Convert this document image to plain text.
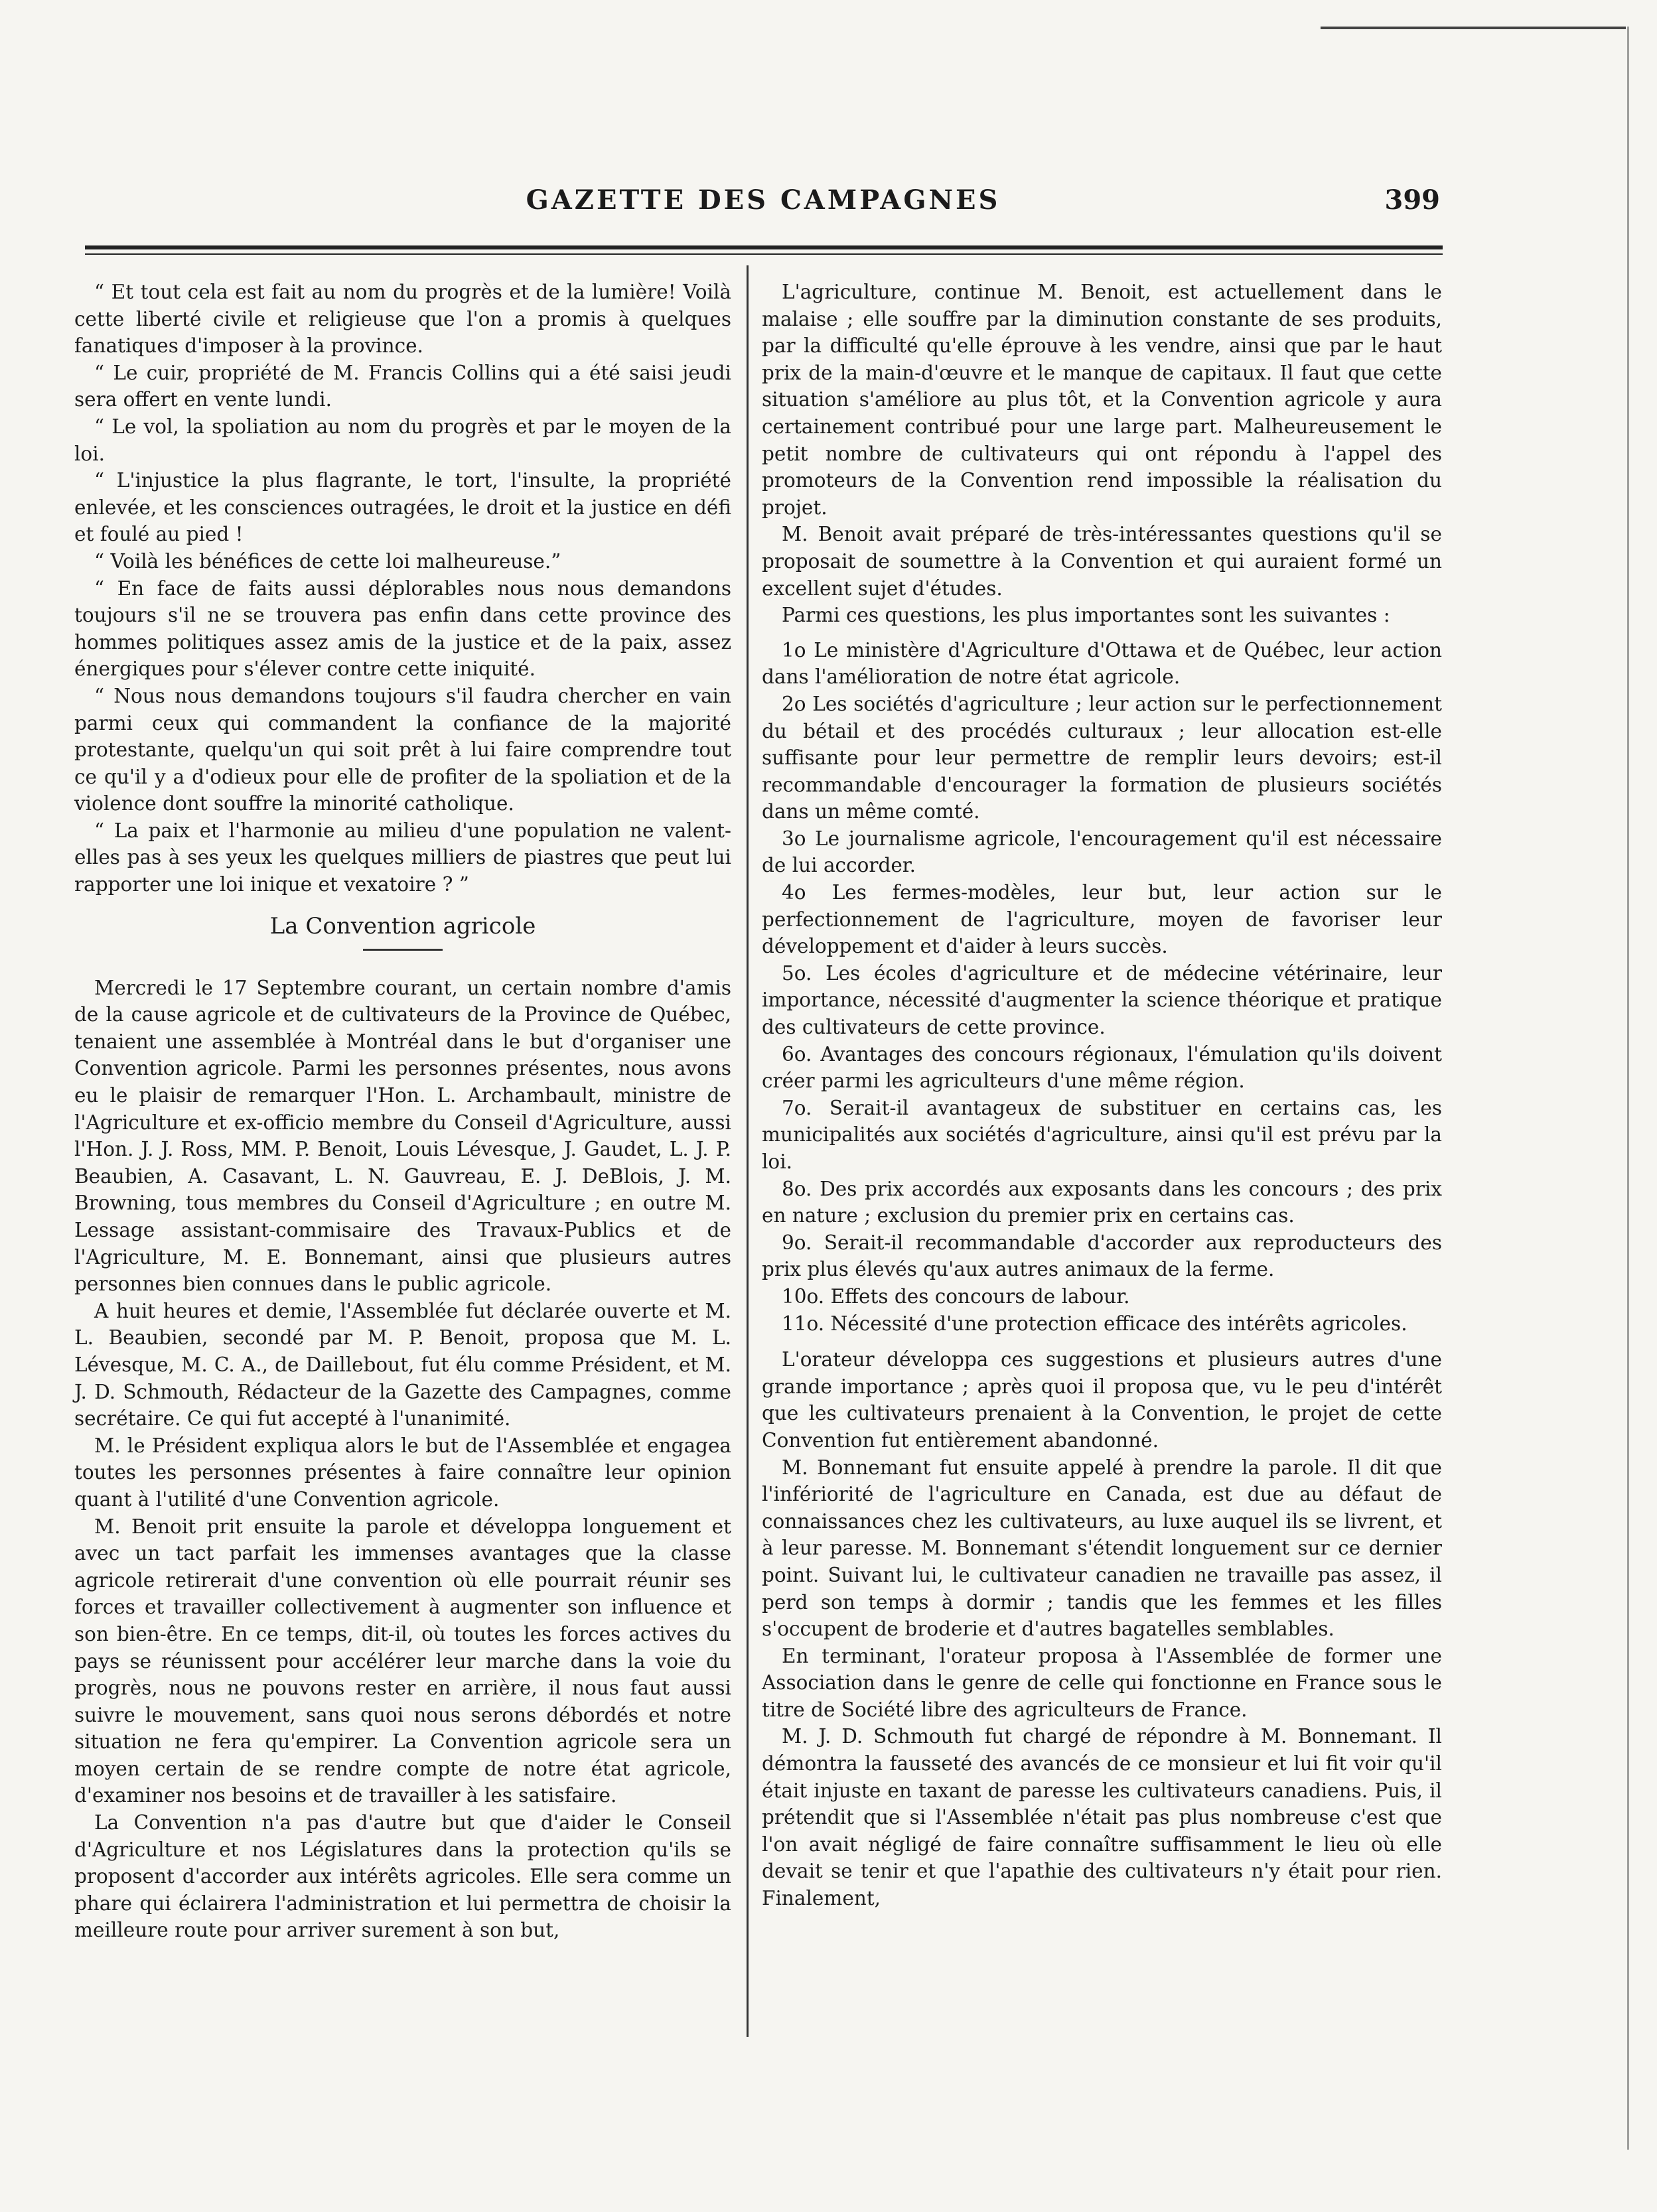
GAZETTE DES CAMPAGNES	399

“ Et tout cela est fait au nom du progrès et de la lumière! Voilà cette liberté civile et religieuse que l'on a promis à quelques fanatiques d'imposer à la province.

“ Le cuir, propriété de M. Francis Collins qui a été saisi jeudi sera offert en vente lundi.

“ Le vol, la spoliation au nom du progrès et par le moyen de la loi.

“ L'injustice la plus flagrante, le tort, l'insulte, la propriété enlevée, et les consciences outragées, le droit et la justice en défi et foulé au pied !

“ Voilà les bénéfices de cette loi malheureuse.”

“ En face de faits aussi déplorables nous nous demandons toujours s'il ne se trouvera pas enfin dans cette province des hommes politiques assez amis de la justice et de la paix, assez énergiques pour s'élever contre cette iniquité.

“ Nous nous demandons toujours s'il faudra chercher en vain parmi ceux qui commandent la confiance de la majorité protestante, quelqu'un qui soit prêt à lui faire comprendre tout ce qu'il y a d'odieux pour elle de profiter de la spoliation et de la violence dont souffre la minorité catholique.

“ La paix et l'harmonie au milieu d'une population ne valent-elles pas à ses yeux les quelques milliers de piastres que peut lui rapporter une loi inique et vexatoire ? ”

La Convention agricole

Mercredi le 17 Septembre courant, un certain nombre d'amis de la cause agricole et de cultivateurs de la Province de Québec, tenaient une assemblée à Montréal dans le but d'organiser une Convention agricole. Parmi les personnes présentes, nous avons eu le plaisir de remarquer l'Hon. L. Archambault, ministre de l'Agriculture et ex-officio membre du Conseil d'Agriculture, aussi l'Hon. J. J. Ross, MM. P. Benoit, Louis Lévesque, J. Gaudet, L. J. P. Beaubien, A. Casavant, L. N. Gauvreau, E. J. DeBlois, J. M. Browning, tous membres du Conseil d'Agriculture ; en outre M. Lessage assistant-commisaire des Travaux-Publics et de l'Agriculture, M. E. Bonnemant, ainsi que plusieurs autres personnes bien connues dans le public agricole.

A huit heures et demie, l'Assemblée fut déclarée ouverte et M. L. Beaubien, secondé par M. P. Benoit, proposa que M. L. Lévesque, M. C. A., de Daillebout, fut élu comme Président, et M. J. D. Schmouth, Rédacteur de la Gazette des Campagnes, comme secrétaire. Ce qui fut accepté à l'unanimité.

M. le Président expliqua alors le but de l'Assemblée et engagea toutes les personnes présentes à faire connaître leur opinion quant à l'utilité d'une Convention agricole.

M. Benoit prit ensuite la parole et développa longuement et avec un tact parfait les immenses avantages que la classe agricole retirerait d'une convention où elle pourrait réunir ses forces et travailler collectivement à augmenter son influence et son bien-être. En ce temps, dit-il, où toutes les forces actives du pays se réunissent pour accélérer leur marche dans la voie du progrès, nous ne pouvons rester en arrière, il nous faut aussi suivre le mouvement, sans quoi nous serons débordés et notre situation ne fera qu'empirer. La Convention agricole sera un moyen certain de se rendre compte de notre état agricole, d'examiner nos besoins et de travailler à les satisfaire.

La Convention n'a pas d'autre but que d'aider le Conseil d'Agriculture et nos Législatures dans la protection qu'ils se proposent d'accorder aux intérêts agricoles. Elle sera comme un phare qui éclairera l'administration et lui permettra de choisir la meilleure route pour arriver surement à son but,

L'agriculture, continue M. Benoit, est actuellement dans le malaise ; elle souffre par la diminution constante de ses produits, par la difficulté qu'elle éprouve à les vendre, ainsi que par le haut prix de la main-d'œuvre et le manque de capitaux. Il faut que cette situation s'améliore au plus tôt, et la Convention agricole y aura certainement contribué pour une large part. Malheureusement le petit nombre de cultivateurs qui ont répondu à l'appel des promoteurs de la Convention rend impossible la réalisation du projet.

M. Benoit avait préparé de très-intéressantes questions qu'il se proposait de soumettre à la Convention et qui auraient formé un excellent sujet d'études.

Parmi ces questions, les plus importantes sont les suivantes :

1o Le ministère d'Agriculture d'Ottawa et de Québec, leur action dans l'amélioration de notre état agricole.

2o Les sociétés d'agriculture ; leur action sur le perfectionnement du bétail et des procédés culturaux ; leur allocation est-elle suffisante pour leur permettre de remplir leurs devoirs; est-il recommandable d'encourager la formation de plusieurs sociétés dans un même comté.

3o Le journalisme agricole, l'encouragement qu'il est nécessaire de lui accorder.

4o Les fermes-modèles, leur but, leur action sur le perfectionnement de l'agriculture, moyen de favoriser leur développement et d'aider à leurs succès.

5o. Les écoles d'agriculture et de médecine vétérinaire, leur importance, nécessité d'augmenter la science théorique et pratique des cultivateurs de cette province.

6o. Avantages des concours régionaux, l'émulation qu'ils doivent créer parmi les agriculteurs d'une même région.

7o. Serait-il avantageux de substituer en certains cas, les municipalités aux sociétés d'agriculture, ainsi qu'il est prévu par la loi.

8o. Des prix accordés aux exposants dans les concours ; des prix en nature ; exclusion du premier prix en certains cas.

9o. Serait-il recommandable d'accorder aux reproducteurs des prix plus élevés qu'aux autres animaux de la ferme.

10o. Effets des concours de labour.

11o. Nécessité d'une protection efficace des intérêts agricoles.

L'orateur développa ces suggestions et plusieurs autres d'une grande importance ; après quoi il proposa que, vu le peu d'intérêt que les cultivateurs prenaient à la Convention, le projet de cette Convention fut entièrement abandonné.

M. Bonnemant fut ensuite appelé à prendre la parole. Il dit que l'infériorité de l'agriculture en Canada, est due au défaut de connaissances chez les cultivateurs, au luxe auquel ils se livrent, et à leur paresse. M. Bonnemant s'étendit longuement sur ce dernier point. Suivant lui, le cultivateur canadien ne travaille pas assez, il perd son temps à dormir ; tandis que les femmes et les filles s'occupent de broderie et d'autres bagatelles semblables.

En terminant, l'orateur proposa à l'Assemblée de former une Association dans le genre de celle qui fonctionne en France sous le titre de Société libre des agriculteurs de France.

M. J. D. Schmouth fut chargé de répondre à M. Bonnemant. Il démontra la fausseté des avancés de ce monsieur et lui fit voir qu'il était injuste en taxant de paresse les cultivateurs canadiens. Puis, il prétendit que si l'Assemblée n'était pas plus nombreuse c'est que l'on avait négligé de faire connaître suffisamment le lieu où elle devait se tenir et que l'apathie des cultivateurs n'y était pour rien. Finalement,
